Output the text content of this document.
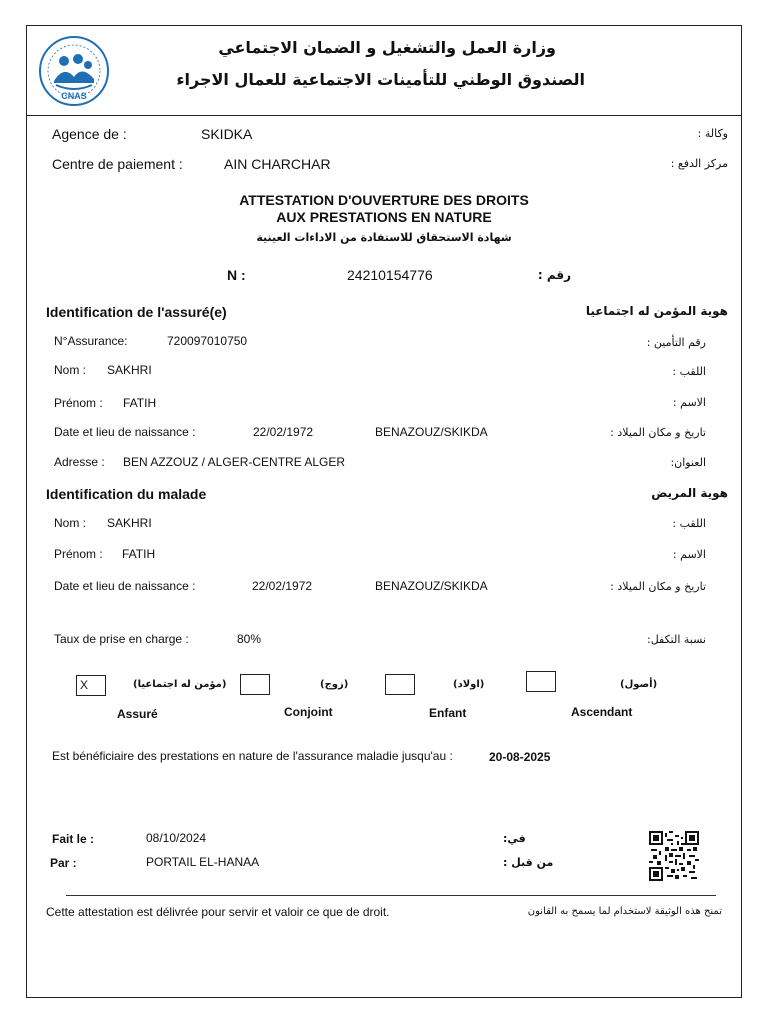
CNAS
وزارة العمل والتشغيل و الضمان الاجتماعي
الصندوق الوطني للتأمينات الاجتماعية للعمال الاجراء
Agence de :	SKIDKA	وكالة :
Centre de paiement :	AIN CHARCHAR	مركز الدفع :
ATTESTATION D'OUVERTURE DES DROITS
AUX PRESTATIONS EN NATURE
شهادة الاستحقاق للاستفادة من الاداءات العينية
N :	24210154776	رقم :
Identification de l'assuré(e)	هوية المؤمن له اجتماعيا
N°Assurance:	720097010750	رقم التأمين :
Nom : SAKHRI	اللقب :
Prénom : FATIH	الاسم :
Date et lieu de naissance :	22/02/1972	BENAZOUZ/SKIKDA	تاريخ و مكان الميلاد :
Adresse : BEN AZZOUZ / ALGER-CENTRE ALGER	العنوان:
Identification du malade	هوية المريض
Nom : SAKHRI	اللقب :
Prénom : FATIH	الاسم :
Date et lieu de naissance :	22/02/1972	BENAZOUZ/SKIKDA	تاريخ و مكان الميلاد :
Taux de prise en charge :	80%	نسبة التكفل:
X	(مؤمن له اجتماعيا)
Assuré
(زوج)
Conjoint
(اولاد)
Enfant
(أصول)
Ascendant
Est bénéficiaire des prestations en nature de l'assurance maladie jusqu'au :	20-08-2025
Fait le :	08/10/2024	في:
Par :	PORTAIL EL-HANAA	من قبل :
Cette attestation est délivrée pour servir et valoir ce que de droit.	تمنح هذه الوثيقة لاستخدام لما يسمح به القانون
